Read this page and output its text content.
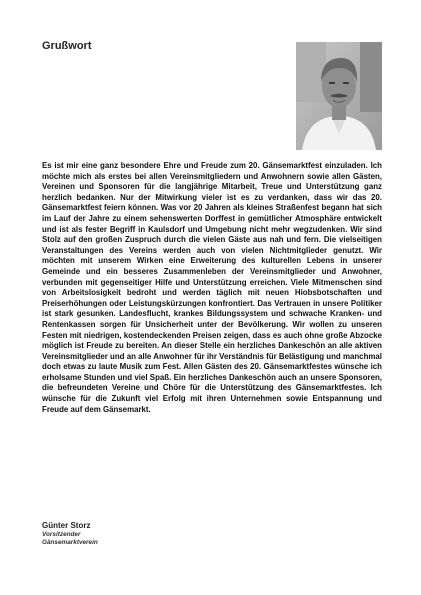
Grußwort

Es ist mir eine ganz besondere Ehre und Freude zum 20. Gänsemarktfest einzuladen. Ich möchte mich als erstes bei allen Vereinsmitgliedern und Anwohnern sowie allen Gästen, Vereinen und Sponsoren für die langjährige Mitarbeit, Treue und Unterstützung ganz herzlich bedanken. Nur der Mitwirkung vieler ist es zu verdanken, dass wir das 20. Gänsemarktfest feiern können. Was vor 20 Jahren als kleines Straßenfest begann hat sich im Lauf der Jahre zu einem sehenswerten Dorffest in gemütlicher Atmosphäre entwickelt und ist als fester Begriff in Kaulsdorf und Umgebung nicht mehr wegzudenken. Wir sind Stolz auf den großen Zuspruch durch die vielen Gäste aus nah und fern. Die vielseitigen Veranstaltungen des Vereins werden auch von vielen Nichtmitglieder genutzt. Wir möchten mit unserem Wirken eine Erweiterung des kulturellen Lebens in unserer Gemeinde und ein besseres Zusammenleben der Vereinsmitglieder und Anwohner, verbunden mit gegenseitiger Hilfe und Unterstützung erreichen. Viele Mitmenschen sind von Arbeitslosigkeit bedroht und werden täglich mit neuen Hiobsbotschaften und Preiserhöhungen oder Leistungskürzungen konfrontiert. Das Vertrauen in unsere Politiker ist stark gesunken. Landesflucht, krankes Bildungssystem und schwache Kranken- und Rentenkassen sorgen für Unsicherheit unter der Bevölkerung. Wir wollen zu unseren Festen mit niedrigen, kostendeckenden Preisen zeigen, dass es auch ohne große Abzocke möglich ist Freude zu bereiten. An dieser Stelle ein herzliches Dankeschön an alle aktiven Vereinsmitglieder und an alle Anwohner für ihr Verständnis für Belästigung und manchmal doch etwas zu laute Musik zum Fest. Allen Gästen des 20. Gänsemarktfestes wünsche ich erholsame Stunden und viel Spaß. Ein herzliches Dankeschön auch an unsere Sponsoren, die befreundeten Vereine und Chöre für die Unterstützung des Gänsemarktfestes. Ich wünsche für die Zukunft viel Erfolg mit ihren Unternehmen sowie Entspannung und Freude auf dem Gänsemarkt.

Günter Storz
Vorsitzender
Gänsemarktverein
